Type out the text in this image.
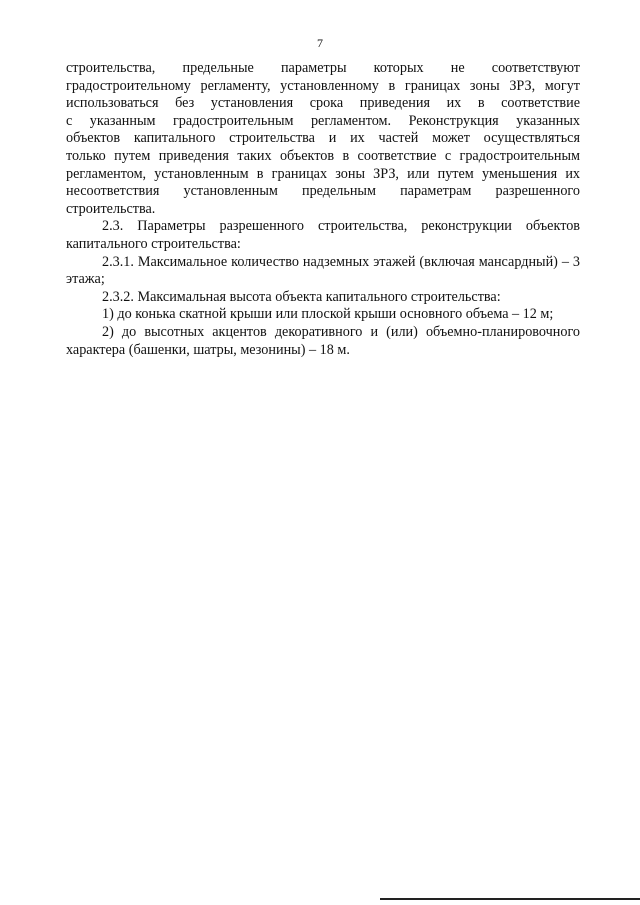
7

строительства, предельные параметры которых не соответствуют

градостроительному регламенту, установленному в границах зоны ЗРЗ, могут

использоваться без установления срока приведения их в соответствие

с указанным градостроительным регламентом. Реконструкция указанных

объектов капитального строительства и их частей может осуществляться

только путем приведения таких объектов в соответствие с градостроительным

регламентом, установленным в границах зоны ЗРЗ, или путем уменьшения их

несоответствия установленным предельным параметрам разрешенного

строительства.

2.3. Параметры разрешенного строительства, реконструкции объектов капитального строительства:

2.3.1. Максимальное количество надземных этажей (включая мансардный) – 3 этажа;

2.3.2. Максимальная высота объекта капитального строительства:

1) до конька скатной крыши или плоской крыши основного объема – 12 м;

2) до высотных акцентов декоративного и (или) объемно-планировочного характера (башенки, шатры, мезонины) – 18 м.
